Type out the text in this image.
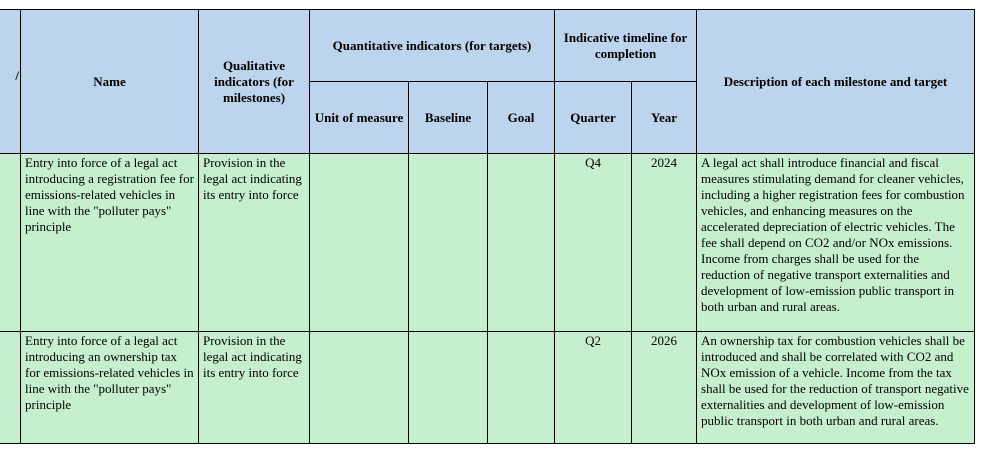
/	Name	Qualitative indicators (for milestones)	Quantitative indicators (for targets)			Indicative timeline for completion		Description of each milestone and target
			Unit of measure	Baseline	Goal	Quarter	Year	
	Entry into force of a legal act introducing a registration fee for emissions-related vehicles in line with the "polluter pays" principle	Provision in the legal act indicating its entry into force				Q4	2024	A legal act shall introduce financial and fiscal measures stimulating demand for cleaner vehicles, including a higher registration fees for combustion vehicles, and enhancing measures on the accelerated depreciation of electric vehicles. The fee shall depend on CO2 and/or NOx emissions. Income from charges shall be used for the reduction of negative transport externalities and development of low-emission public transport in both urban and rural areas.
	Entry into force of a legal act introducing an ownership tax for emissions-related vehicles in line with the "polluter pays" principle	Provision in the legal act indicating its entry into force				Q2	2026	An ownership tax for combustion vehicles shall be introduced and shall be correlated with CO2 and NOx emission of a vehicle. Income from the tax shall be used for the reduction of transport negative externalities and development of low-emission public transport in both urban and rural areas.
